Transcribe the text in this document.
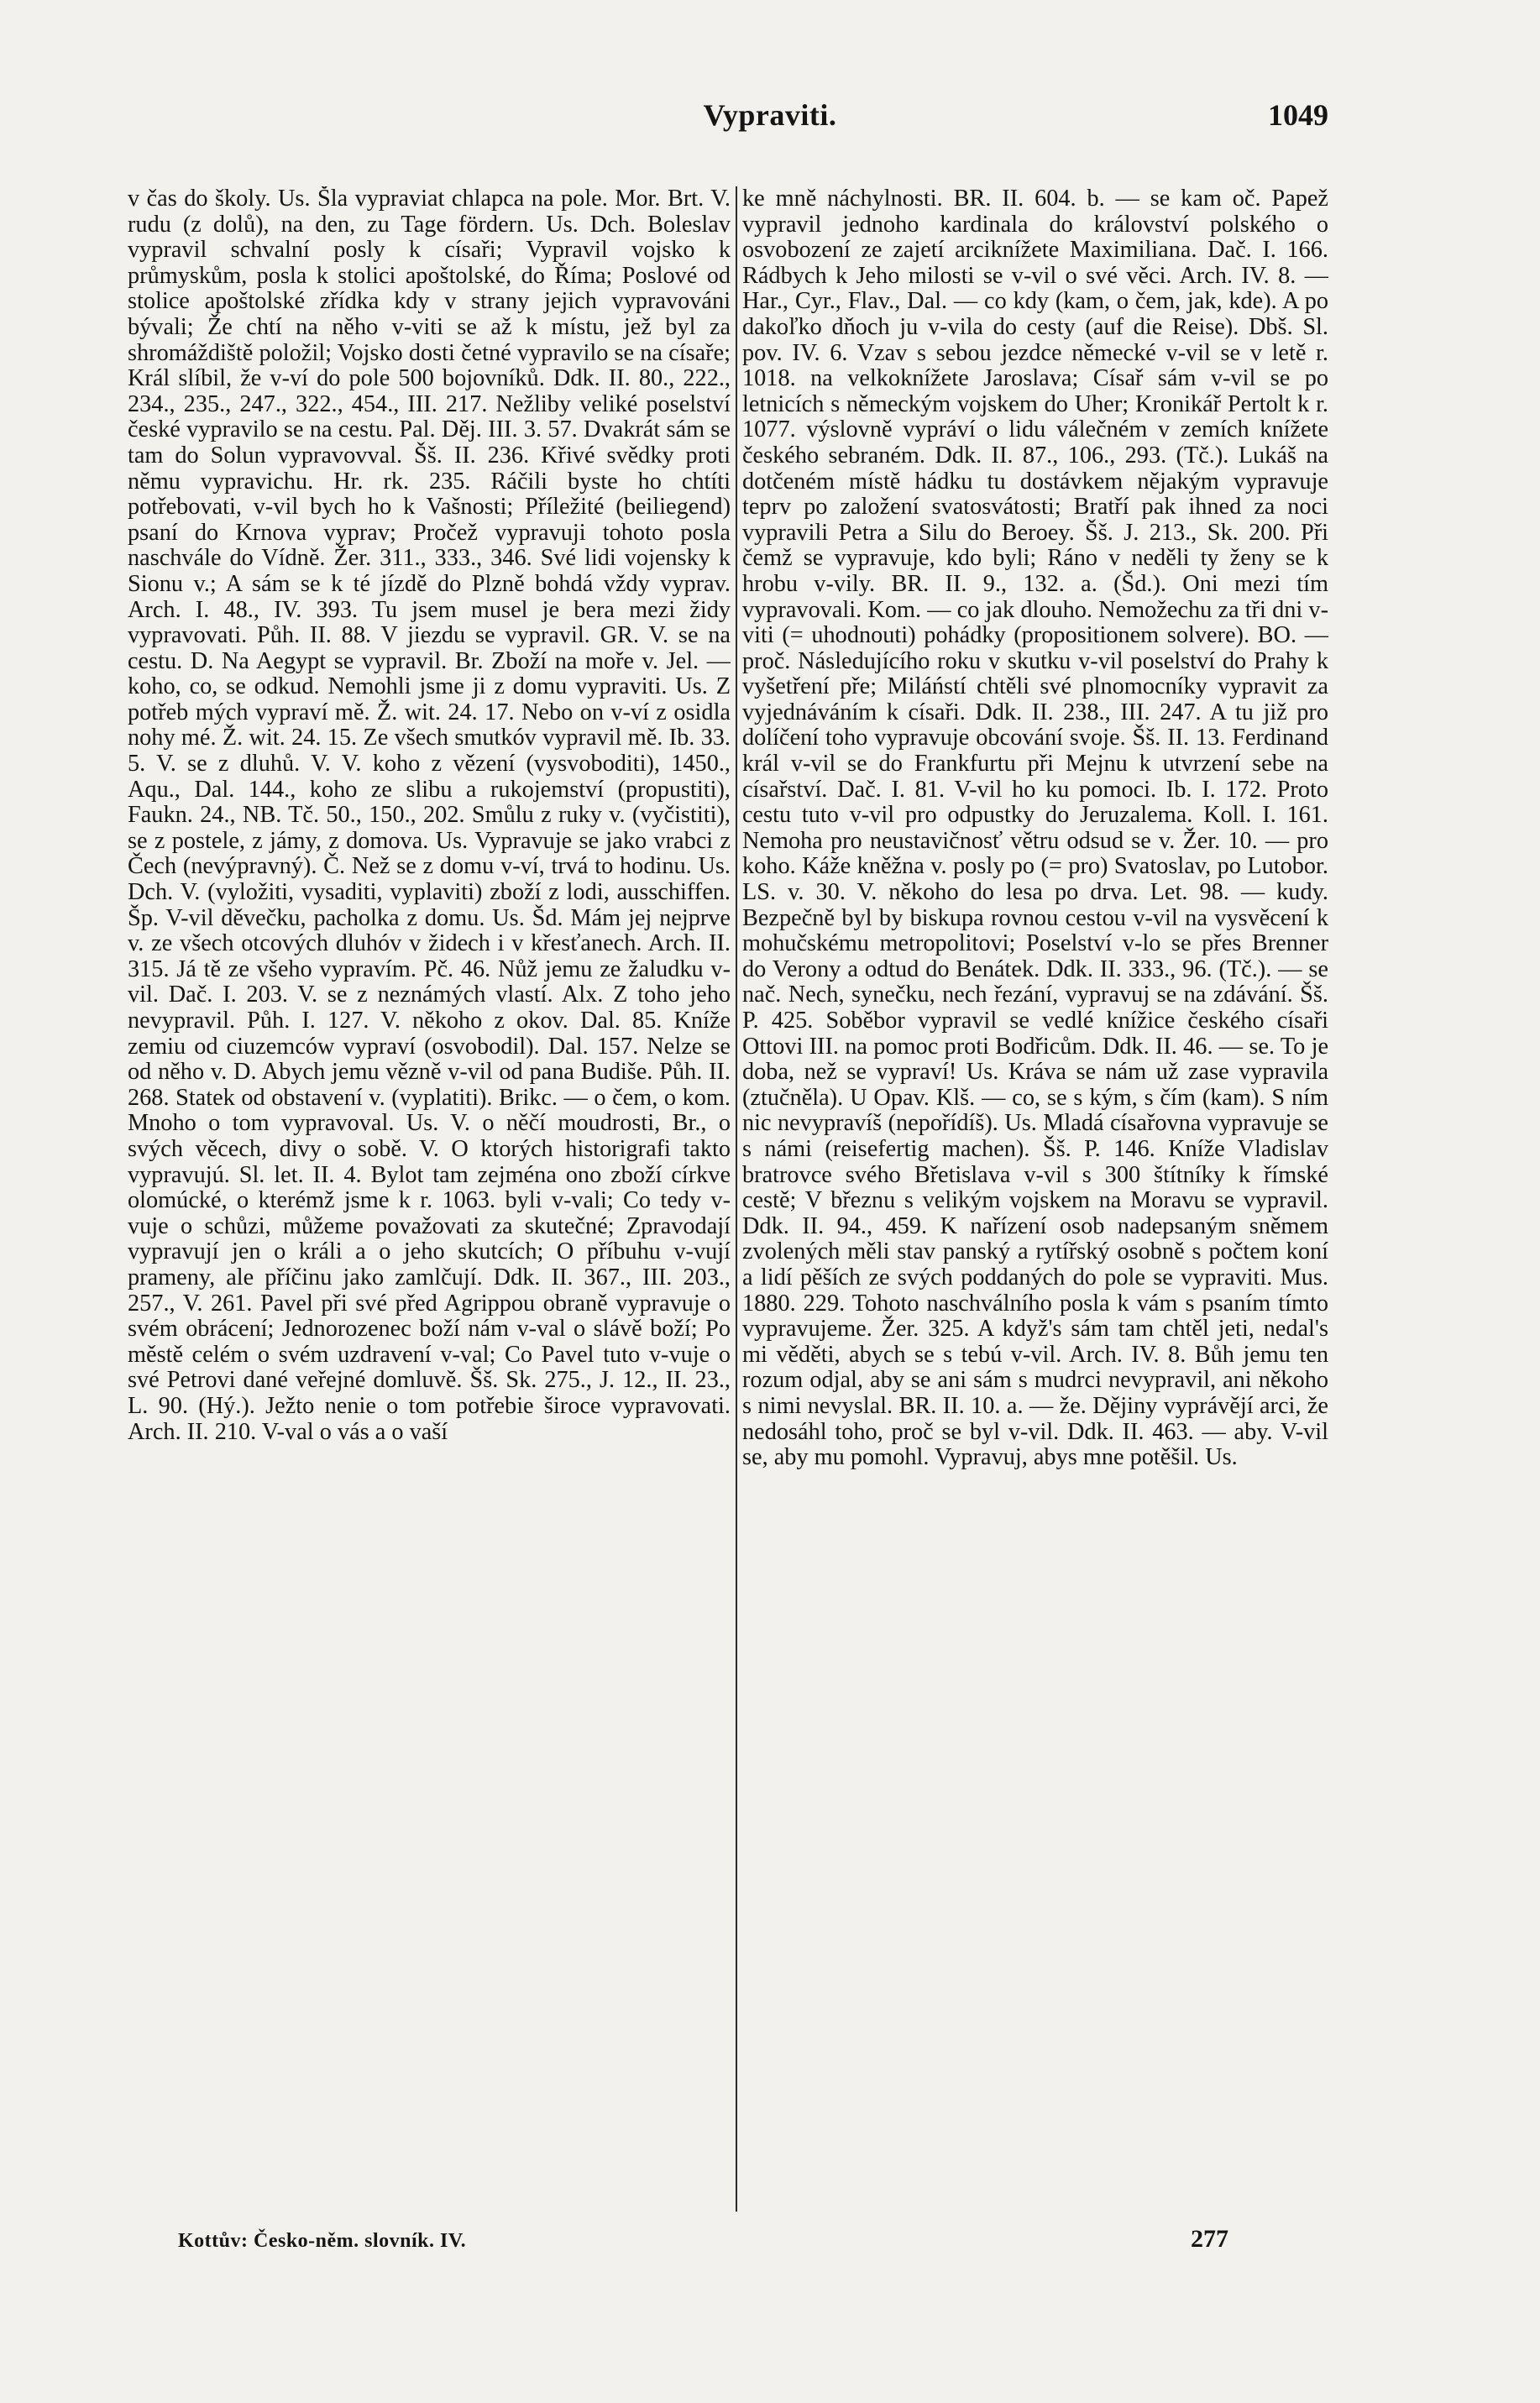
Vypraviti.	1049
v čas do školy. Us. Šla vypraviat chlapca na pole. Mor. Brt. V. rudu (z dolů), na den, zu Tage fördern. Us. Dch. Boleslav vypravil schvalní posly k císaři; Vypravil vojsko k průmyskům, posla k stolici apoštolské, do Říma; Poslové od stolice apoštolské zřídka kdy v strany jejich vypravováni bývali; Že chtí na něho v-viti se až k místu, jež byl za shromáždiště položil; Vojsko dosti četné vypravilo se na císaře; Král slíbil, že v-ví do pole 500 bojovníků. Ddk. II. 80., 222., 234., 235., 247., 322., 454., III. 217. Nežliby veliké poselství české vypravilo se na cestu. Pal. Děj. III. 3. 57. Dvakrát sám se tam do Solun vypravovval. Šš. II. 236. Křivé svědky proti němu vypravichu. Hr. rk. 235. Ráčili byste ho chtíti potřebovati, v-vil bych ho k Vašnosti; Příležité (beiliegend) psaní do Krnova vyprav; Pročež vypravuji tohoto posla naschvále do Vídně. Žer. 311., 333., 346. Své lidi vojensky k Sionu v.; A sám se k té jízdě do Plzně bohdá vždy vyprav. Arch. I. 48., IV. 393. Tu jsem musel je bera mezi židy vypravovati. Půh. II. 88. V jiezdu se vypravil. GR. V. se na cestu. D. Na Aegypt se vypravil. Br. Zboží na moře v. Jel. — koho, co, se odkud. Nemohli jsme ji z domu vypraviti. Us. Z potřeb mých vypraví mě. Ž. wit. 24. 17. Nebo on v-ví z osidla nohy mé. Ž. wit. 24. 15. Ze všech smutkóv vypravil mě. Ib. 33. 5. V. se z dluhů. V. V. koho z vězení (vysvoboditi), 1450., Aqu., Dal. 144., koho ze slibu a rukojemství (propustiti), Faukn. 24., NB. Tč. 50., 150., 202. Smůlu z ruky v. (vyčistiti), se z postele, z jámy, z domova. Us. Vypravuje se jako vrabci z Čech (nevýpravný). Č. Než se z domu v-ví, trvá to hodinu. Us. Dch. V. (vyložiti, vysaditi, vyplaviti) zboží z lodi, ausschiffen. Šp. V-vil děvečku, pacholka z domu. Us. Šd. Mám jej nejprve v. ze všech otcových dluhóv v židech i v křesťanech. Arch. II. 315. Já tě ze všeho vypravím. Pč. 46. Nůž jemu ze žaludku v-vil. Dač. I. 203. V. se z neznámých vlastí. Alx. Z toho jeho nevypravil. Půh. I. 127. V. někoho z okov. Dal. 85. Kníže zemiu od ciuzemców vypraví (osvobodil). Dal. 157. Nelze se od něho v. D. Abych jemu vězně v-vil od pana Budiše. Půh. II. 268. Statek od obstavení v. (vyplatiti). Brikc. — o čem, o kom. Mnoho o tom vypravoval. Us. V. o něčí moudrosti, Br., o svých věcech, divy o sobě. V. O ktorých historigrafi takto vypravujú. Sl. let. II. 4. Bylot tam zejména ono zboží církve olomúcké, o kterémž jsme k r. 1063. byli v-vali; Co tedy v-vuje o schůzi, můžeme považovati za skutečné; Zpravodají vypravují jen o králi a o jeho skutcích; O příbuhu v-vují prameny, ale příčinu jako zamlčují. Ddk. II. 367., III. 203., 257., V. 261. Pavel při své před Agrippou obraně vypravuje o svém obrácení; Jednorozenec boží nám v-val o slávě boží; Po městě celém o svém uzdravení v-val; Co Pavel tuto v-vuje o své Petrovi dané veřejné domluvě. Šš. Sk. 275., J. 12., II. 23., L. 90. (Hý.). Ježto nenie o tom potřebie široce vypravovati. Arch. II. 210. V-val o vás a o vaší
ke mně náchylnosti. BR. II. 604. b. — se kam oč. Papež vypravil jednoho kardinala do království polského o osvobození ze zajetí arciknížete Maximiliana. Dač. I. 166. Rádbych k Jeho milosti se v-vil o své věci. Arch. IV. 8. — Har., Cyr., Flav., Dal. — co kdy (kam, o čem, jak, kde). A po dakoľko dňoch ju v-vila do cesty (auf die Reise). Dbš. Sl. pov. IV. 6. Vzav s sebou jezdce německé v-vil se v letě r. 1018. na velkoknížete Jaroslava; Císař sám v-vil se po letnicích s německým vojskem do Uher; Kronikář Pertolt k r. 1077. výslovně vypráví o lidu válečném v zemích knížete českého sebraném. Ddk. II. 87., 106., 293. (Tč.). Lukáš na dotčeném místě hádku tu dostávkem nějakým vypravuje teprv po založení svatosvátosti; Bratří pak ihned za noci vypravili Petra a Silu do Beroey. Šš. J. 213., Sk. 200. Při čemž se vypravuje, kdo byli; Ráno v neděli ty ženy se k hrobu v-vily. BR. II. 9., 132. a. (Šd.). Oni mezi tím vypravovali. Kom. — co jak dlouho. Nemožechu za tři dni v-viti (= uhodnouti) pohádky (propositionem solvere). BO. — proč. Následujícího roku v skutku v-vil poselství do Prahy k vyšetření pře; Miláństí chtěli své plnomocníky vypravit za vyjednáváním k císaři. Ddk. II. 238., III. 247. A tu již pro dolíčení toho vypravuje obcování svoje. Šš. II. 13. Ferdinand král v-vil se do Frankfurtu při Mejnu k utvrzení sebe na císařství. Dač. I. 81. V-vil ho ku pomoci. Ib. I. 172. Proto cestu tuto v-vil pro odpustky do Jeruzalema. Koll. I. 161. Nemoha pro neustavičnosť větru odsud se v. Žer. 10. — pro koho. Káže kněžna v. posly po (= pro) Svatoslav, po Lutobor. LS. v. 30. V. někoho do lesa po drva. Let. 98. — kudy. Bezpečně byl by biskupa rovnou cestou v-vil na vysvěcení k mohučskému metropolitovi; Poselství v-lo se přes Brenner do Verony a odtud do Benátek. Ddk. II. 333., 96. (Tč.). — se nač. Nech, synečku, nech řezání, vypravuj se na zdávání. Šš. P. 425. Soběbor vypravil se vedlé knížice českého císaři Ottovi III. na pomoc proti Bodřicům. Ddk. II. 46. — se. To je doba, než se vypraví! Us. Kráva se nám už zase vypravila (ztučněla). U Opav. Klš. — co, se s kým, s čím (kam). S ním nic nevypravíš (nepořídíš). Us. Mladá císařovna vypravuje se s námi (reisefertig machen). Šš. P. 146. Kníže Vladislav bratrovce svého Břetislava v-vil s 300 štítníky k římské cestě; V březnu s velikým vojskem na Moravu se vypravil. Ddk. II. 94., 459. K nařízení osob nadepsaným sněmem zvolených měli stav panský a rytířský osobně s počtem koní a lidí pěších ze svých poddaných do pole se vypraviti. Mus. 1880. 229. Tohoto naschválního posla k vám s psaním tímto vypravujeme. Žer. 325. A když's sám tam chtěl jeti, nedal's mi věděti, abych se s tebú v-vil. Arch. IV. 8. Bůh jemu ten rozum odjal, aby se ani sám s mudrci nevypravil, ani někoho s nimi nevyslal. BR. II. 10. a. — že. Dějiny vyprávějí arci, že nedosáhl toho, proč se byl v-vil. Ddk. II. 463. — aby. V-vil se, aby mu pomohl. Vypravuj, abys mne potěšil. Us.
Kottův: Česko-něm. slovník. IV.	277
